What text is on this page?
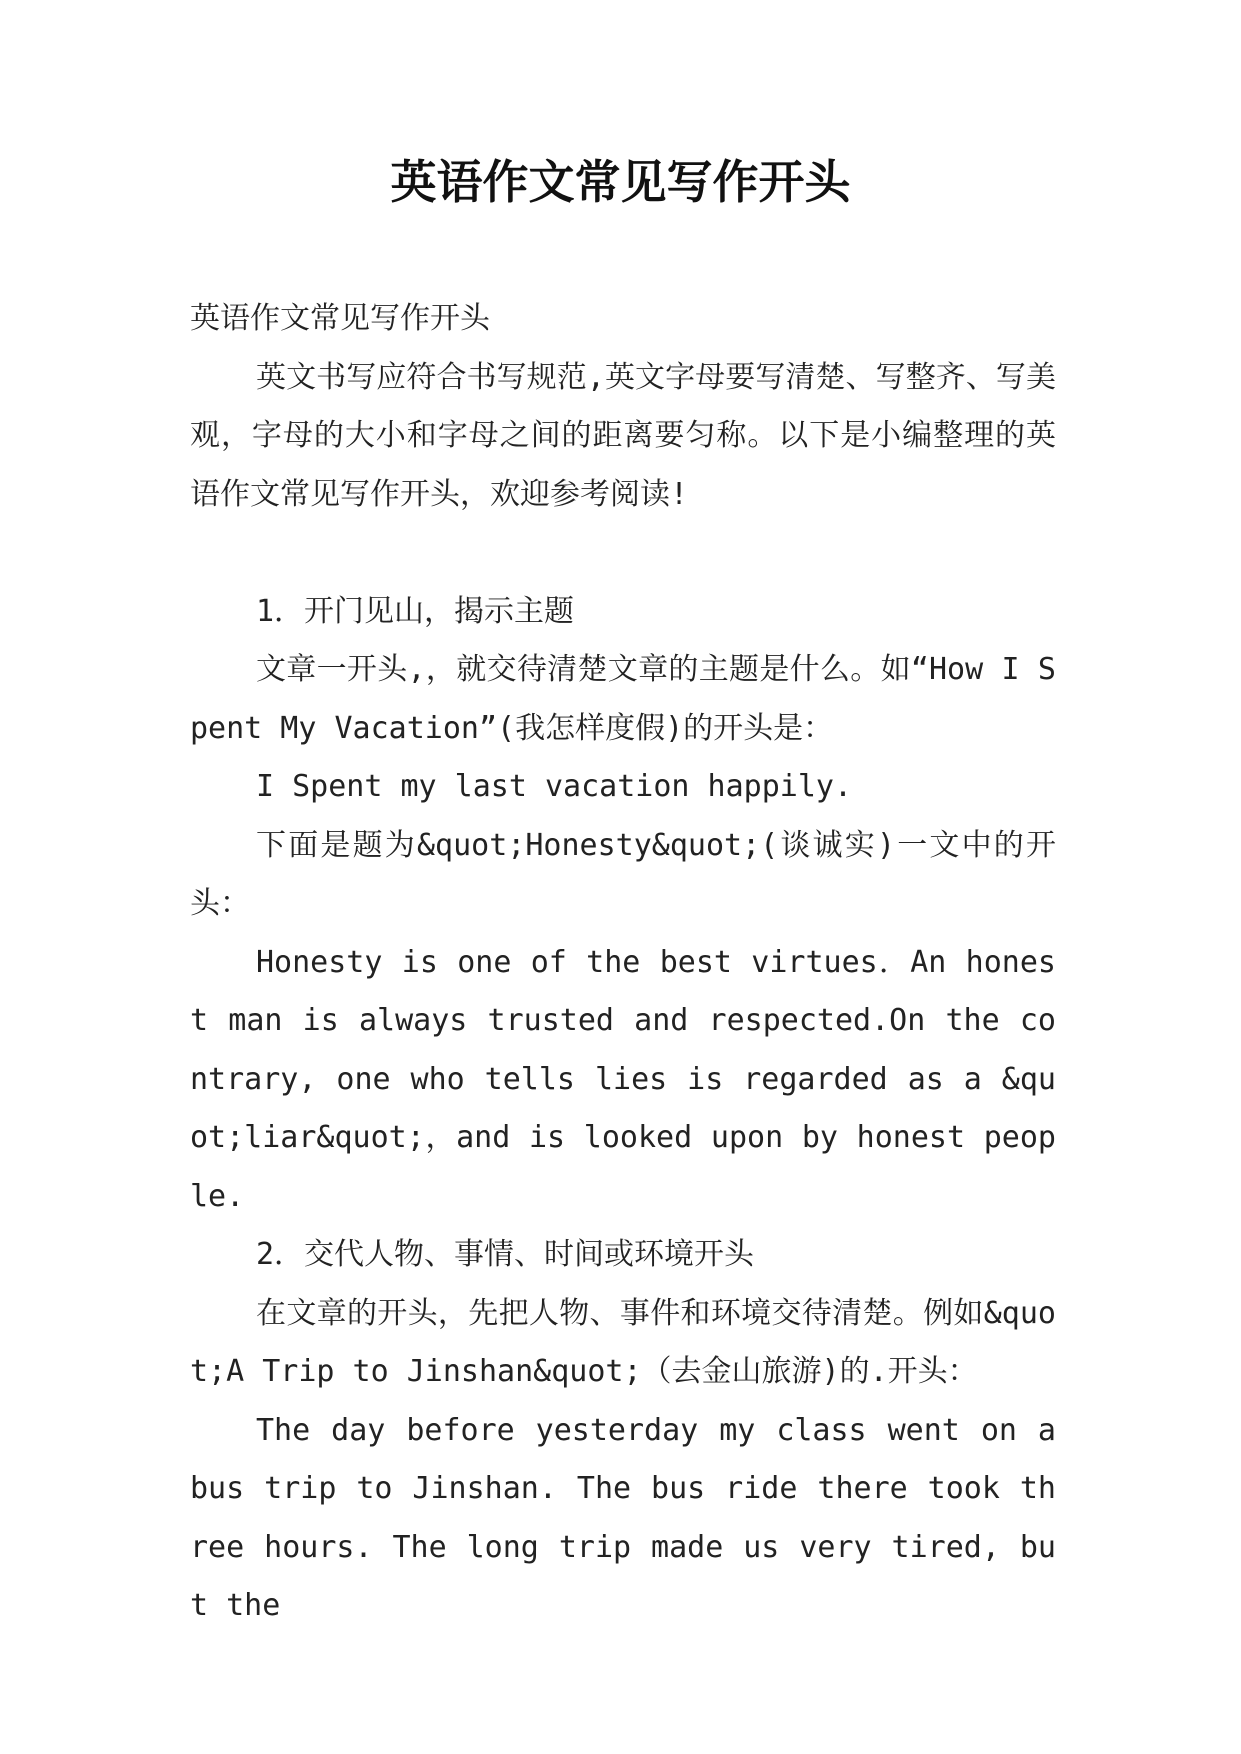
英语作文常见写作开头

英语作文常见写作开头

英文书写应符合书写规范,英文字母要写清楚、写整齐、写美观，字母的大小和字母之间的距离要匀称。以下是小编整理的英语作文常见写作开头，欢迎参考阅读!

1．开门见山，揭示主题

文章一开头,，就交待清楚文章的主题是什么。如“How I Spent My Vacation”(我怎样度假)的开头是：

I Spent my last vacation happily.

下面是题为&quot;Honesty&quot;(谈诚实)一文中的开头：

Honesty is one of the best virtues．An honest man is always trusted and respected.On the contrary, one who tells lies is regarded as a &quot;liar&quot;，and is looked upon by honest people.

2．交代人物、事情、时间或环境开头

在文章的开头，先把人物、事件和环境交待清楚。例如&quot;A Trip to Jinshan&quot;（去金山旅游)的.开头：

The day before yesterday my class went on a bus trip to Jinshan. The bus ride there took three hours. The long trip made us very tired, but the
